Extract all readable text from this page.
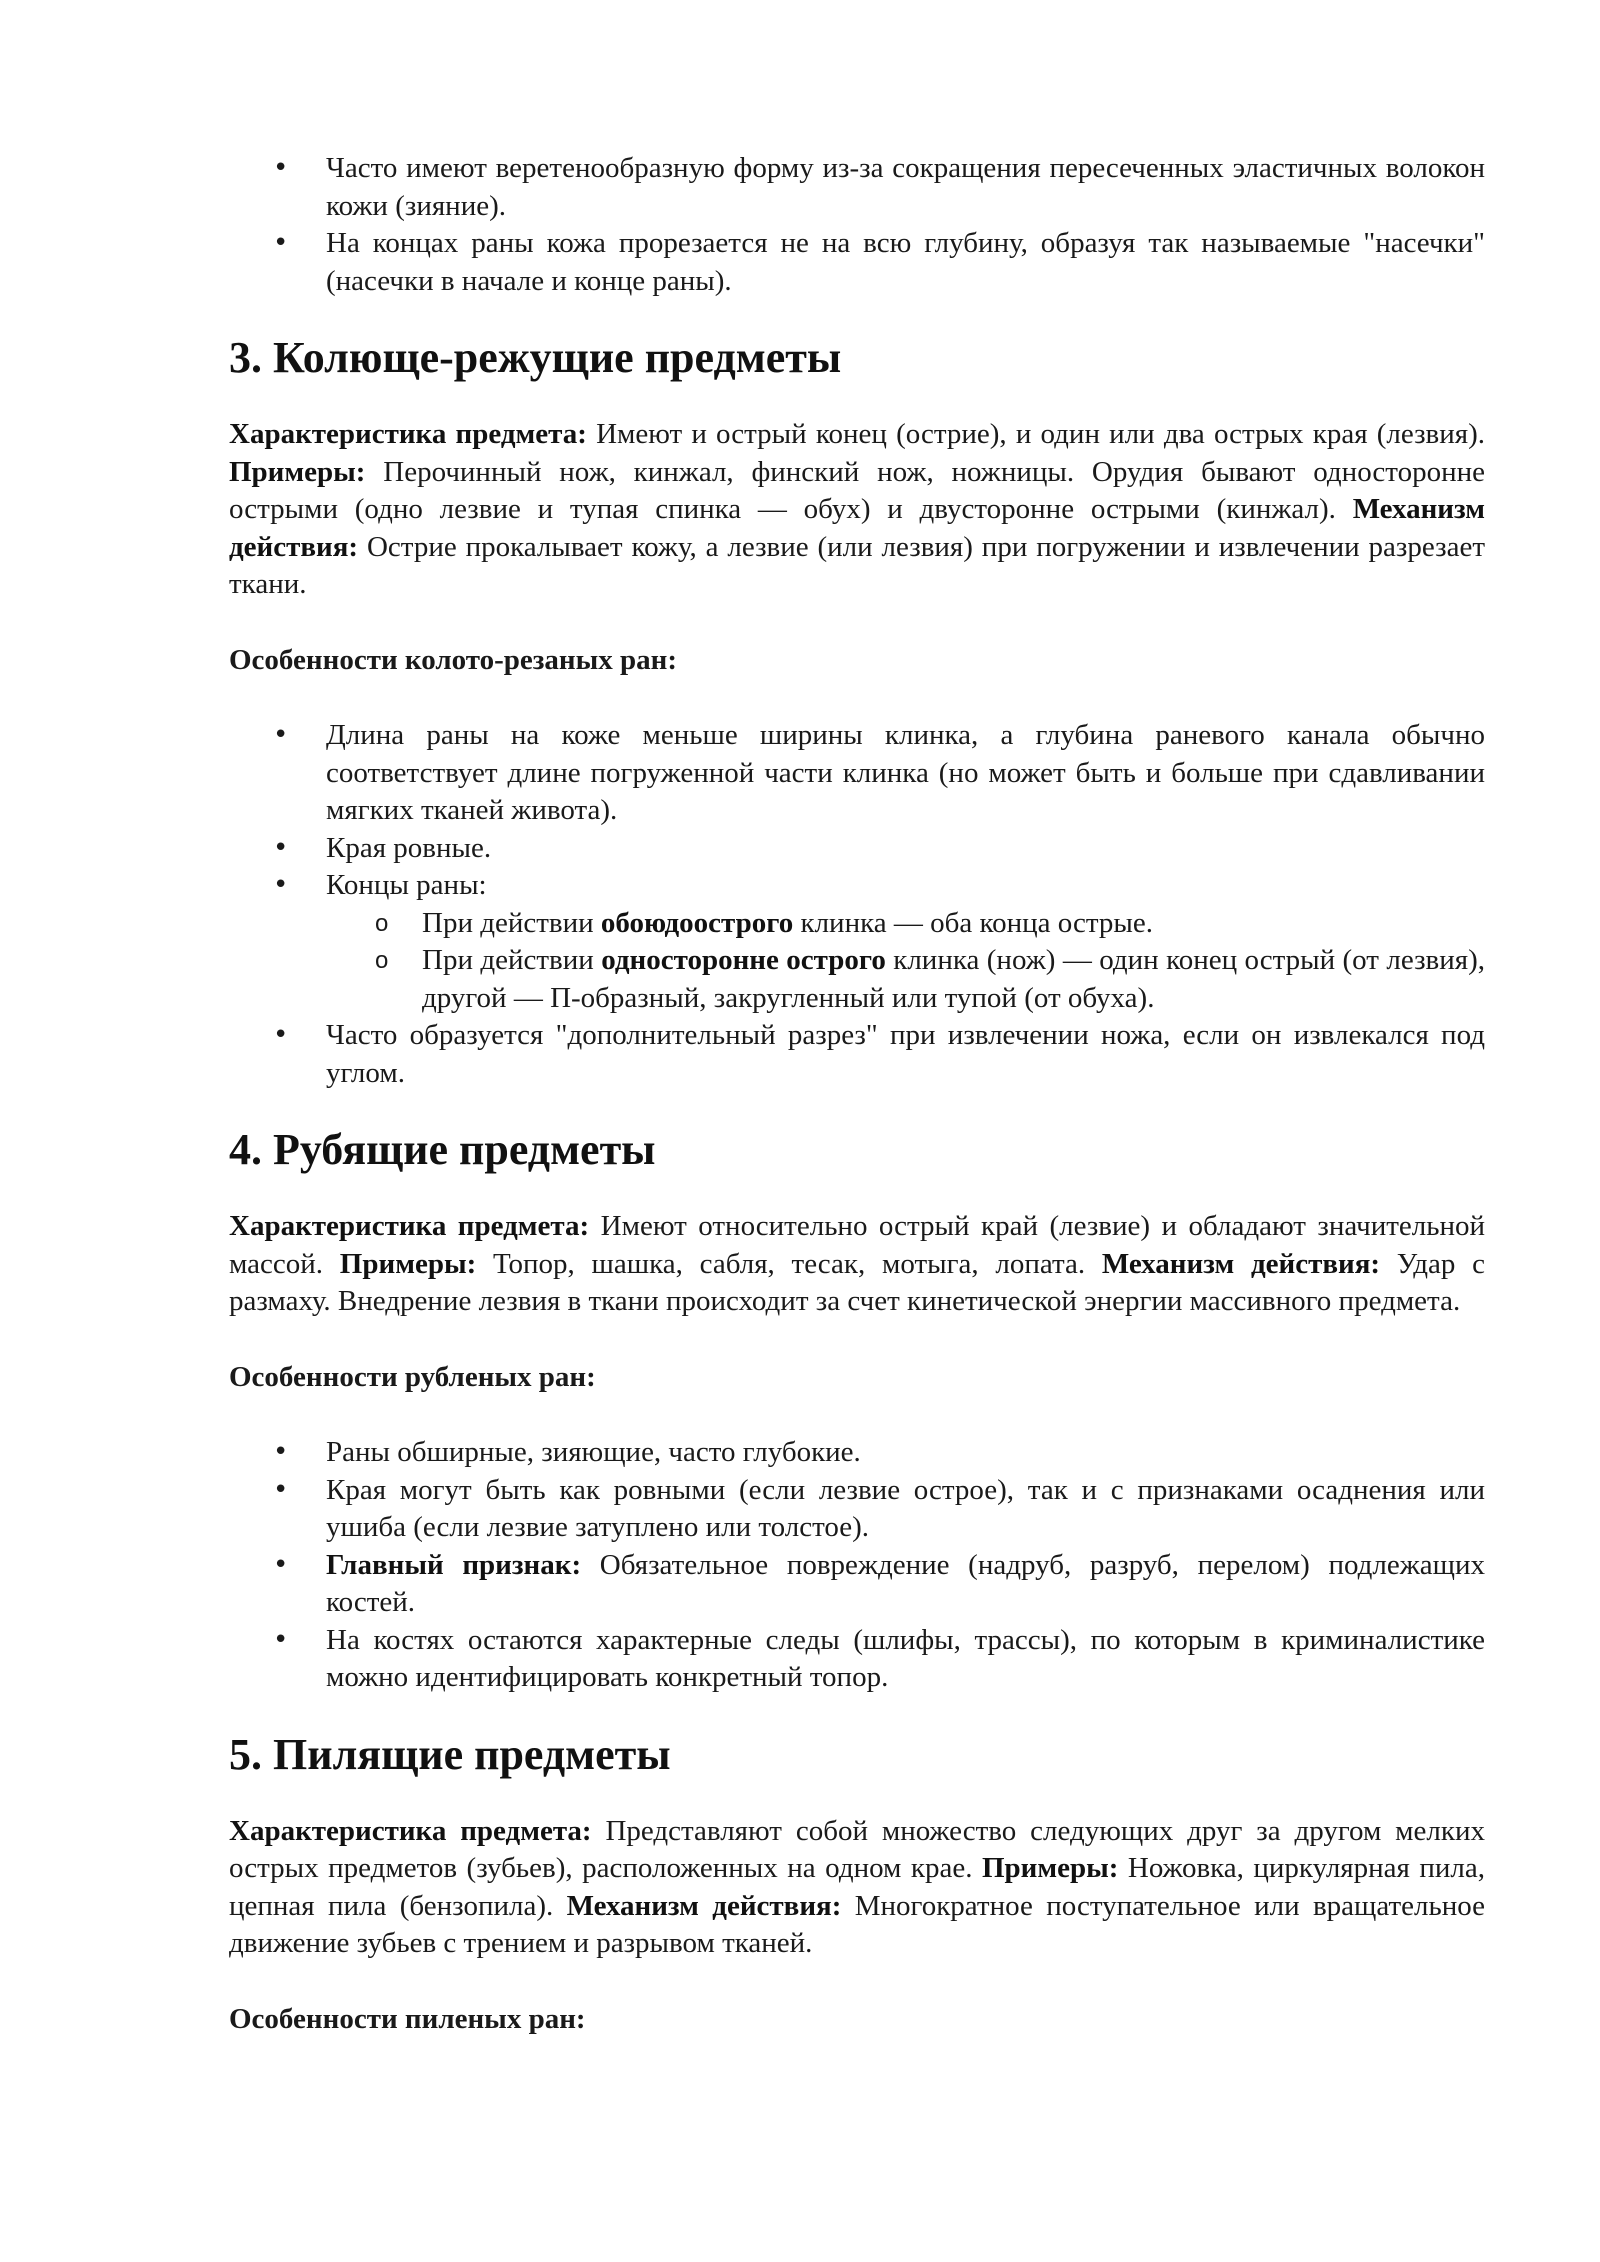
• Часто имеют веретенообразную форму из-за сокращения пересеченных эластичных волокон кожи (зияние).
• На концах раны кожа прорезается не на всю глубину, образуя так называемые "насечки" (насечки в начале и конце раны).
3. Колюще-режущие предметы

Характеристика предмета: Имеют и острый конец (острие), и один или два острых края (лезвия). Примеры: Перочинный нож, кинжал, финский нож, ножницы. Орудия бывают односторонне острыми (одно лезвие и тупая спинка — обух) и двусторонне острыми (кинжал). Механизм действия: Острие прокалывает кожу, а лезвие (или лезвия) при погружении и извлечении разрезает ткани.

Особенности колото-резаных ран:

• Длина раны на коже меньше ширины клинка, а глубина раневого канала обычно соответствует длине погруженной части клинка (но может быть и больше при сдавливании мягких тканей живота).
• Края ровные.
• Концы раны:
o При действии обоюдоострого клинка — оба конца острые.
o При действии односторонне острого клинка (нож) — один конец острый (от лезвия), другой — П-образный, закругленный или тупой (от обуха).
• Часто образуется "дополнительный разрез" при извлечении ножа, если он извлекался под углом.
4. Рубящие предметы

Характеристика предмета: Имеют относительно острый край (лезвие) и обладают значительной массой. Примеры: Топор, шашка, сабля, тесак, мотыга, лопата. Механизм действия: Удар с размаху. Внедрение лезвия в ткани происходит за счет кинетической энергии массивного предмета.

Особенности рубленых ран:

• Раны обширные, зияющие, часто глубокие.
• Края могут быть как ровными (если лезвие острое), так и с признаками осаднения или ушиба (если лезвие затуплено или толстое).
• Главный признак: Обязательное повреждение (надруб, разруб, перелом) подлежащих костей.
• На костях остаются характерные следы (шлифы, трассы), по которым в криминалистике можно идентифицировать конкретный топор.
5. Пилящие предметы

Характеристика предмета: Представляют собой множество следующих друг за другом мелких острых предметов (зубьев), расположенных на одном крае. Примеры: Ножовка, циркулярная пила, цепная пила (бензопила). Механизм действия: Многократное поступательное или вращательное движение зубьев с трением и разрывом тканей.

Особенности пиленых ран:
